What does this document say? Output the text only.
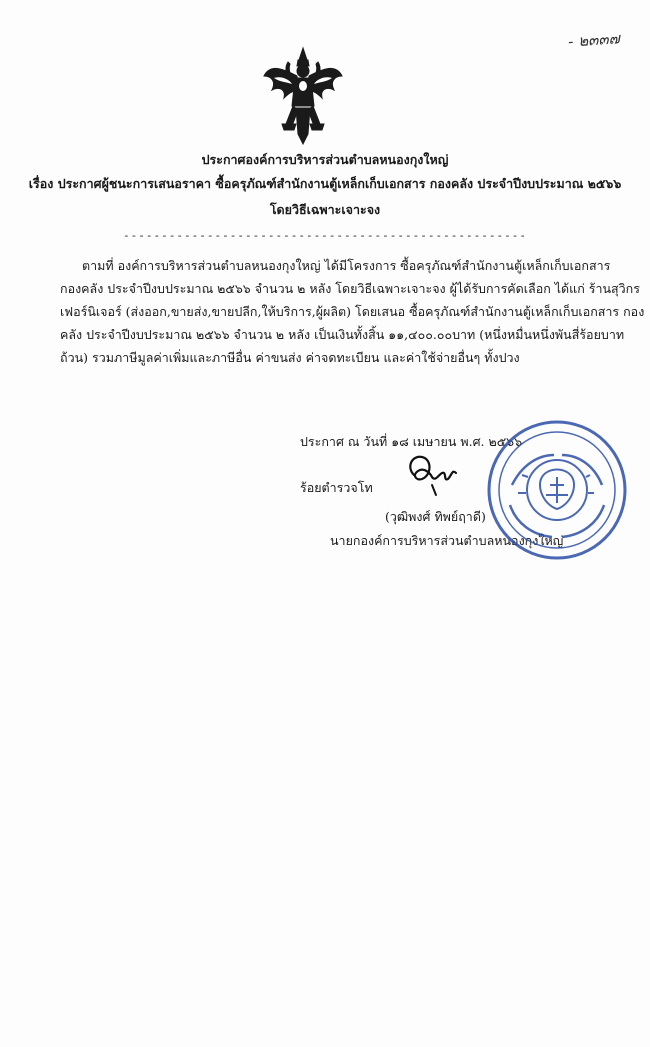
- ๒๓๓๗
ประกาศองค์การบริหารส่วนตำบลหนองกุงใหญ่
เรื่อง ประกาศผู้ชนะการเสนอราคา ซื้อครุภัณฑ์สำนักงานตู้เหล็กเก็บเอกสาร กองคลัง ประจำปีงบประมาณ ๒๕๖๖
โดยวิธีเฉพาะเจาะจง
-----------------------------------------------------
ตามที่ องค์การบริหารส่วนตำบลหนองกุงใหญ่ ได้มีโครงการ ซื้อครุภัณฑ์สำนักงานตู้เหล็กเก็บเอกสาร
กองคลัง ประจำปีงบประมาณ ๒๕๖๖ จำนวน ๒ หลัง โดยวิธีเฉพาะเจาะจง ผู้ได้รับการคัดเลือก ได้แก่ ร้านสุวิกร
เฟอร์นิเจอร์ (ส่งออก,ขายส่ง,ขายปลีก,ให้บริการ,ผู้ผลิต) โดยเสนอ ซื้อครุภัณฑ์สำนักงานตู้เหล็กเก็บเอกสาร กอง
คลัง ประจำปีงบประมาณ ๒๕๖๖ จำนวน ๒ หลัง เป็นเงินทั้งสิ้น ๑๑,๔๐๐.๐๐บาท (หนึ่งหมื่นหนึ่งพันสี่ร้อยบาท
ถ้วน) รวมภาษีมูลค่าเพิ่มและภาษีอื่น ค่าขนส่ง ค่าจดทะเบียน และค่าใช้จ่ายอื่นๆ ทั้งปวง
ประกาศ ณ วันที่ ๑๘ เมษายน พ.ศ. ๒๕๖๖
ร้อยตำรวจโท
(วุฒิพงศ์ ทิพย์ฤาดี)
นายกองค์การบริหารส่วนตำบลหนองกุงใหญ่
